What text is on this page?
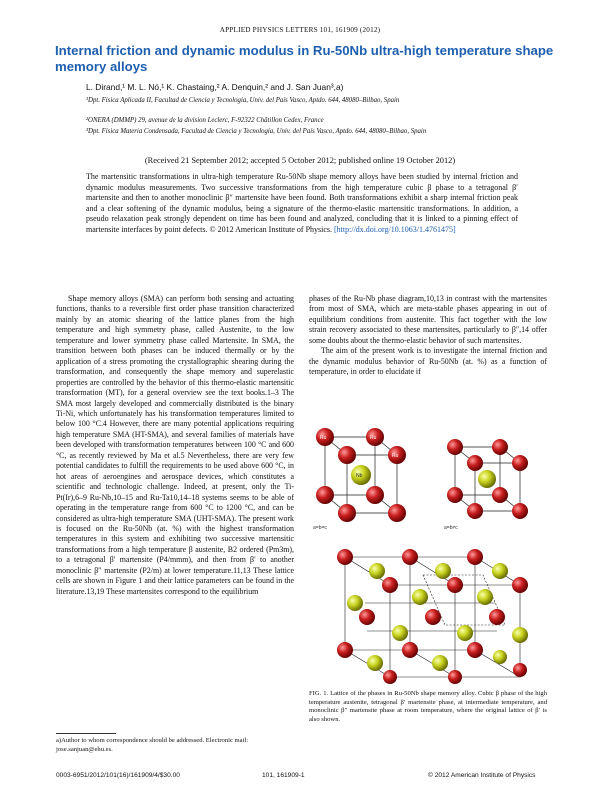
APPLIED PHYSICS LETTERS 101, 161909 (2012)
Internal friction and dynamic modulus in Ru-50Nb ultra-high temperature shape memory alloys
L. Dirand,¹ M. L. Nó,¹ K. Chastaing,² A. Denquin,² and J. San Juan³,a)
¹Dpt. Física Aplicada II, Facultad de Ciencia y Tecnología, Univ. del País Vasco, Aptdo. 644, 48080–Bilbao, Spain
²ONERA (DMMP) 29, avenue de la division Leclerc, F-92322 Châtillon Cedex, France
³Dpt. Física Materia Condensada, Facultad de Ciencia y Tecnología, Univ. del País Vasco, Aptdo. 644, 48080–Bilbao, Spain
(Received 21 September 2012; accepted 5 October 2012; published online 19 October 2012)
The martensitic transformations in ultra-high temperature Ru-50Nb shape memory alloys have been studied by internal friction and dynamic modulus measurements. Two successive transformations from the high temperature cubic β phase to a tetragonal β′ martensite and then to another monoclinic β″ martensite have been found. Both transformations exhibit a sharp internal friction peak and a clear softening of the dynamic modulus, being a signature of the thermo-elastic martensitic transformations. In addition, a pseudo relaxation peak strongly dependent on time has been found and analyzed, concluding that it is linked to a pinning effect of martensite interfaces by point defects. © 2012 American Institute of Physics. [http://dx.doi.org/10.1063/1.4761475]

Shape memory alloys (SMA) can perform both sensing and actuating functions, thanks to a reversible first order phase transition characterized mainly by an atomic shearing of the lattice planes from the high temperature and high symmetry phase, called Austenite, to the low temperature and lower symmetry phase called Martensite. In SMA, the transition between both phases can be induced thermally or by the application of a stress promoting the crystallographic shearing during the transformation, and consequently the shape memory and superelastic properties are controlled by the behavior of this thermo-elastic martensitic transformation (MT), for a general overview see the text books.1–3 The SMA most largely developed and commercially distributed is the binary Ti-Ni, which unfortunately has his transformation temperatures limited to below 100 °C.4 However, there are many potential applications requiring high temperature SMA (HT-SMA), and several families of materials have been developed with transformation temperatures between 100 °C and 600 °C, as recently reviewed by Ma et al.5 Nevertheless, there are very few potential candidates to fulfill the requirements to be used above 600 °C, in hot areas of aeroengines and aerospace devices, which constitutes a scientific and technologic challenge. Indeed, at present, only the Ti-Pt(Ir),6–9 Ru-Nb,10–15 and Ru-Ta10,14–18 systems seems to be able of operating in the temperature range from 600 °C to 1200 °C, and can be considered as ultra-high temperature SMA (UHT-SMA). The present work is focused on the Ru-50Nb (at. %) with the highest transformation temperatures in this system and exhibiting two successive martensitic transformations from a high temperature β austenite, B2 ordered (Pm3m), to a tetragonal β′ martensite (P4/mmm), and then from β′ to another monoclinic β″ martensite (P2/m) at lower temperature.11,13 These lattice cells are shown in Figure 1 and their lattice parameters can be found in the literature.13,19 These martensites correspond to the equilibrium

phases of the Ru-Nb phase diagram,10,13 in contrast with the martensites from most of SMA, which are meta-stable phases appearing in out of equilibrium conditions from austenite. This fact together with the low strain recovery associated to these martensites, particularly to β″,14 offer some doubts about the thermo-elastic behavior of such martensites.

The aim of the present work is to investigate the internal friction and the dynamic modulus behavior of Ru-50Nb (at. %) as a function of temperature, in order to elucidate if

Ru	Ru
Ru
Nb
a=b=c	a=b≠c
FIG. 1. Lattice of the phases in Ru-50Nb shape memory alloy. Cubic β phase of the high temperature austenite, tetragonal β′ martensite phase, at intermediate temperature, and monoclinic β″ martensite phase at room temperature, where the original lattice of β′ is also shown.
a)Author to whom correspondence should be addressed. Electronic mail: jose.sanjuan@ehu.es.
0003-6951/2012/101(16)/161909/4/$30.00	101, 161909-1	© 2012 American Institute of Physics
